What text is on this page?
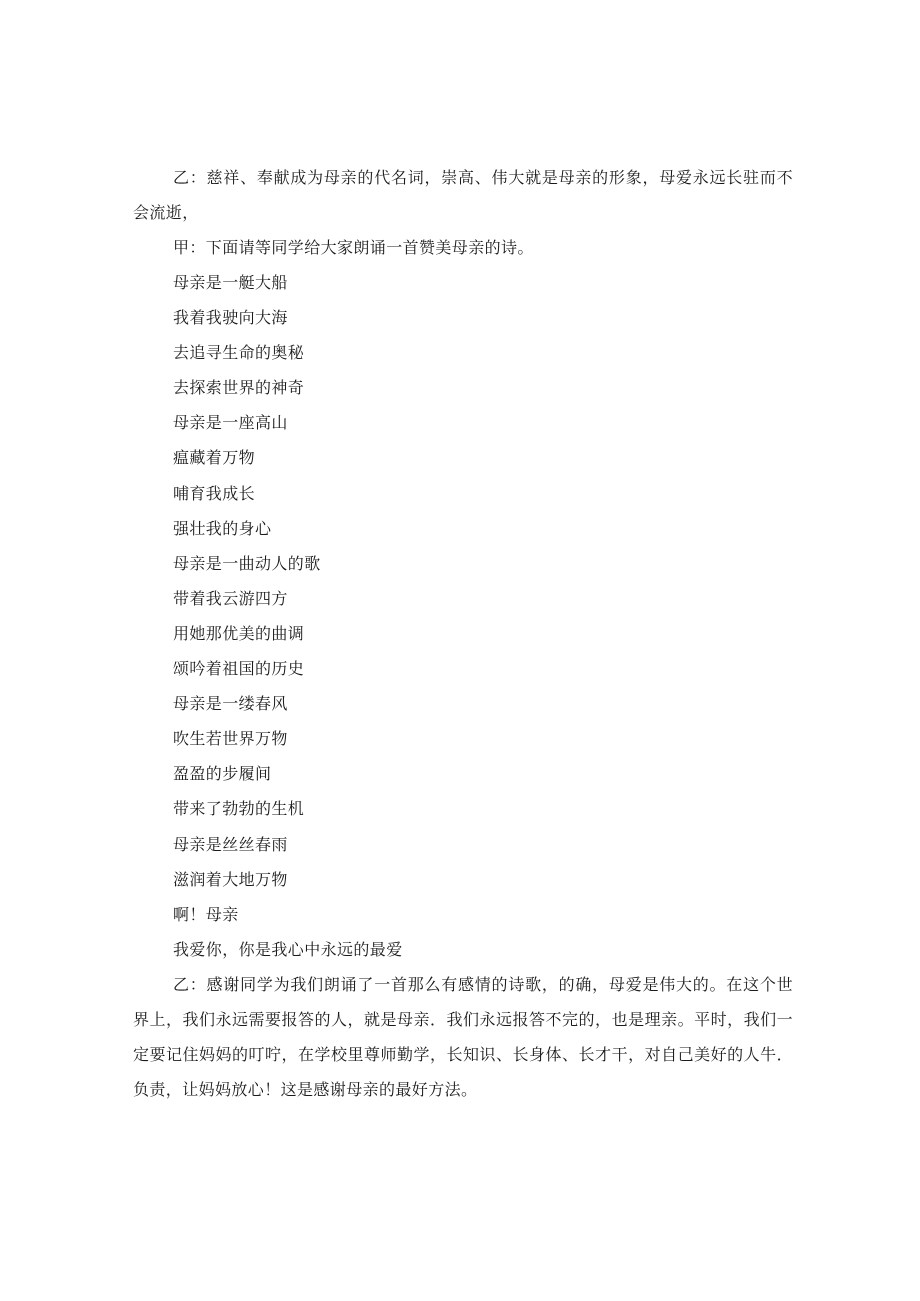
乙：慈祥、奉献成为母亲的代名词，崇高、伟大就是母亲的形象，母爱永远长驻而不会流逝，

甲：下面请等同学给大家朗诵一首赞美母亲的诗。

母亲是一艇大船
我着我驶向大海
去追寻生命的奥秘
去探索世界的神奇
母亲是一座高山
瘟藏着万物
哺育我成长
强壮我的身心
母亲是一曲动人的歌
带着我云游四方
用她那优美的曲调
颂吟着祖国的历史
母亲是一缕春风
吹生若世界万物
盈盈的步履间
带来了勃勃的生机
母亲是丝丝春雨
滋润着大地万物
啊！母亲
我爱你，你是我心中永远的最爱

乙：感谢同学为我们朗诵了一首那么有感情的诗歌，的确，母爱是伟大的。在这个世界上，我们永远需要报答的人，就是母亲．我们永远报答不完的，也是理亲。平时，我们一定要记住妈妈的叮咛，在学校里尊师勤学，长知识、长身体、长才干，对自己美好的人牛．负责，让妈妈放心！这是感谢母亲的最好方法。
